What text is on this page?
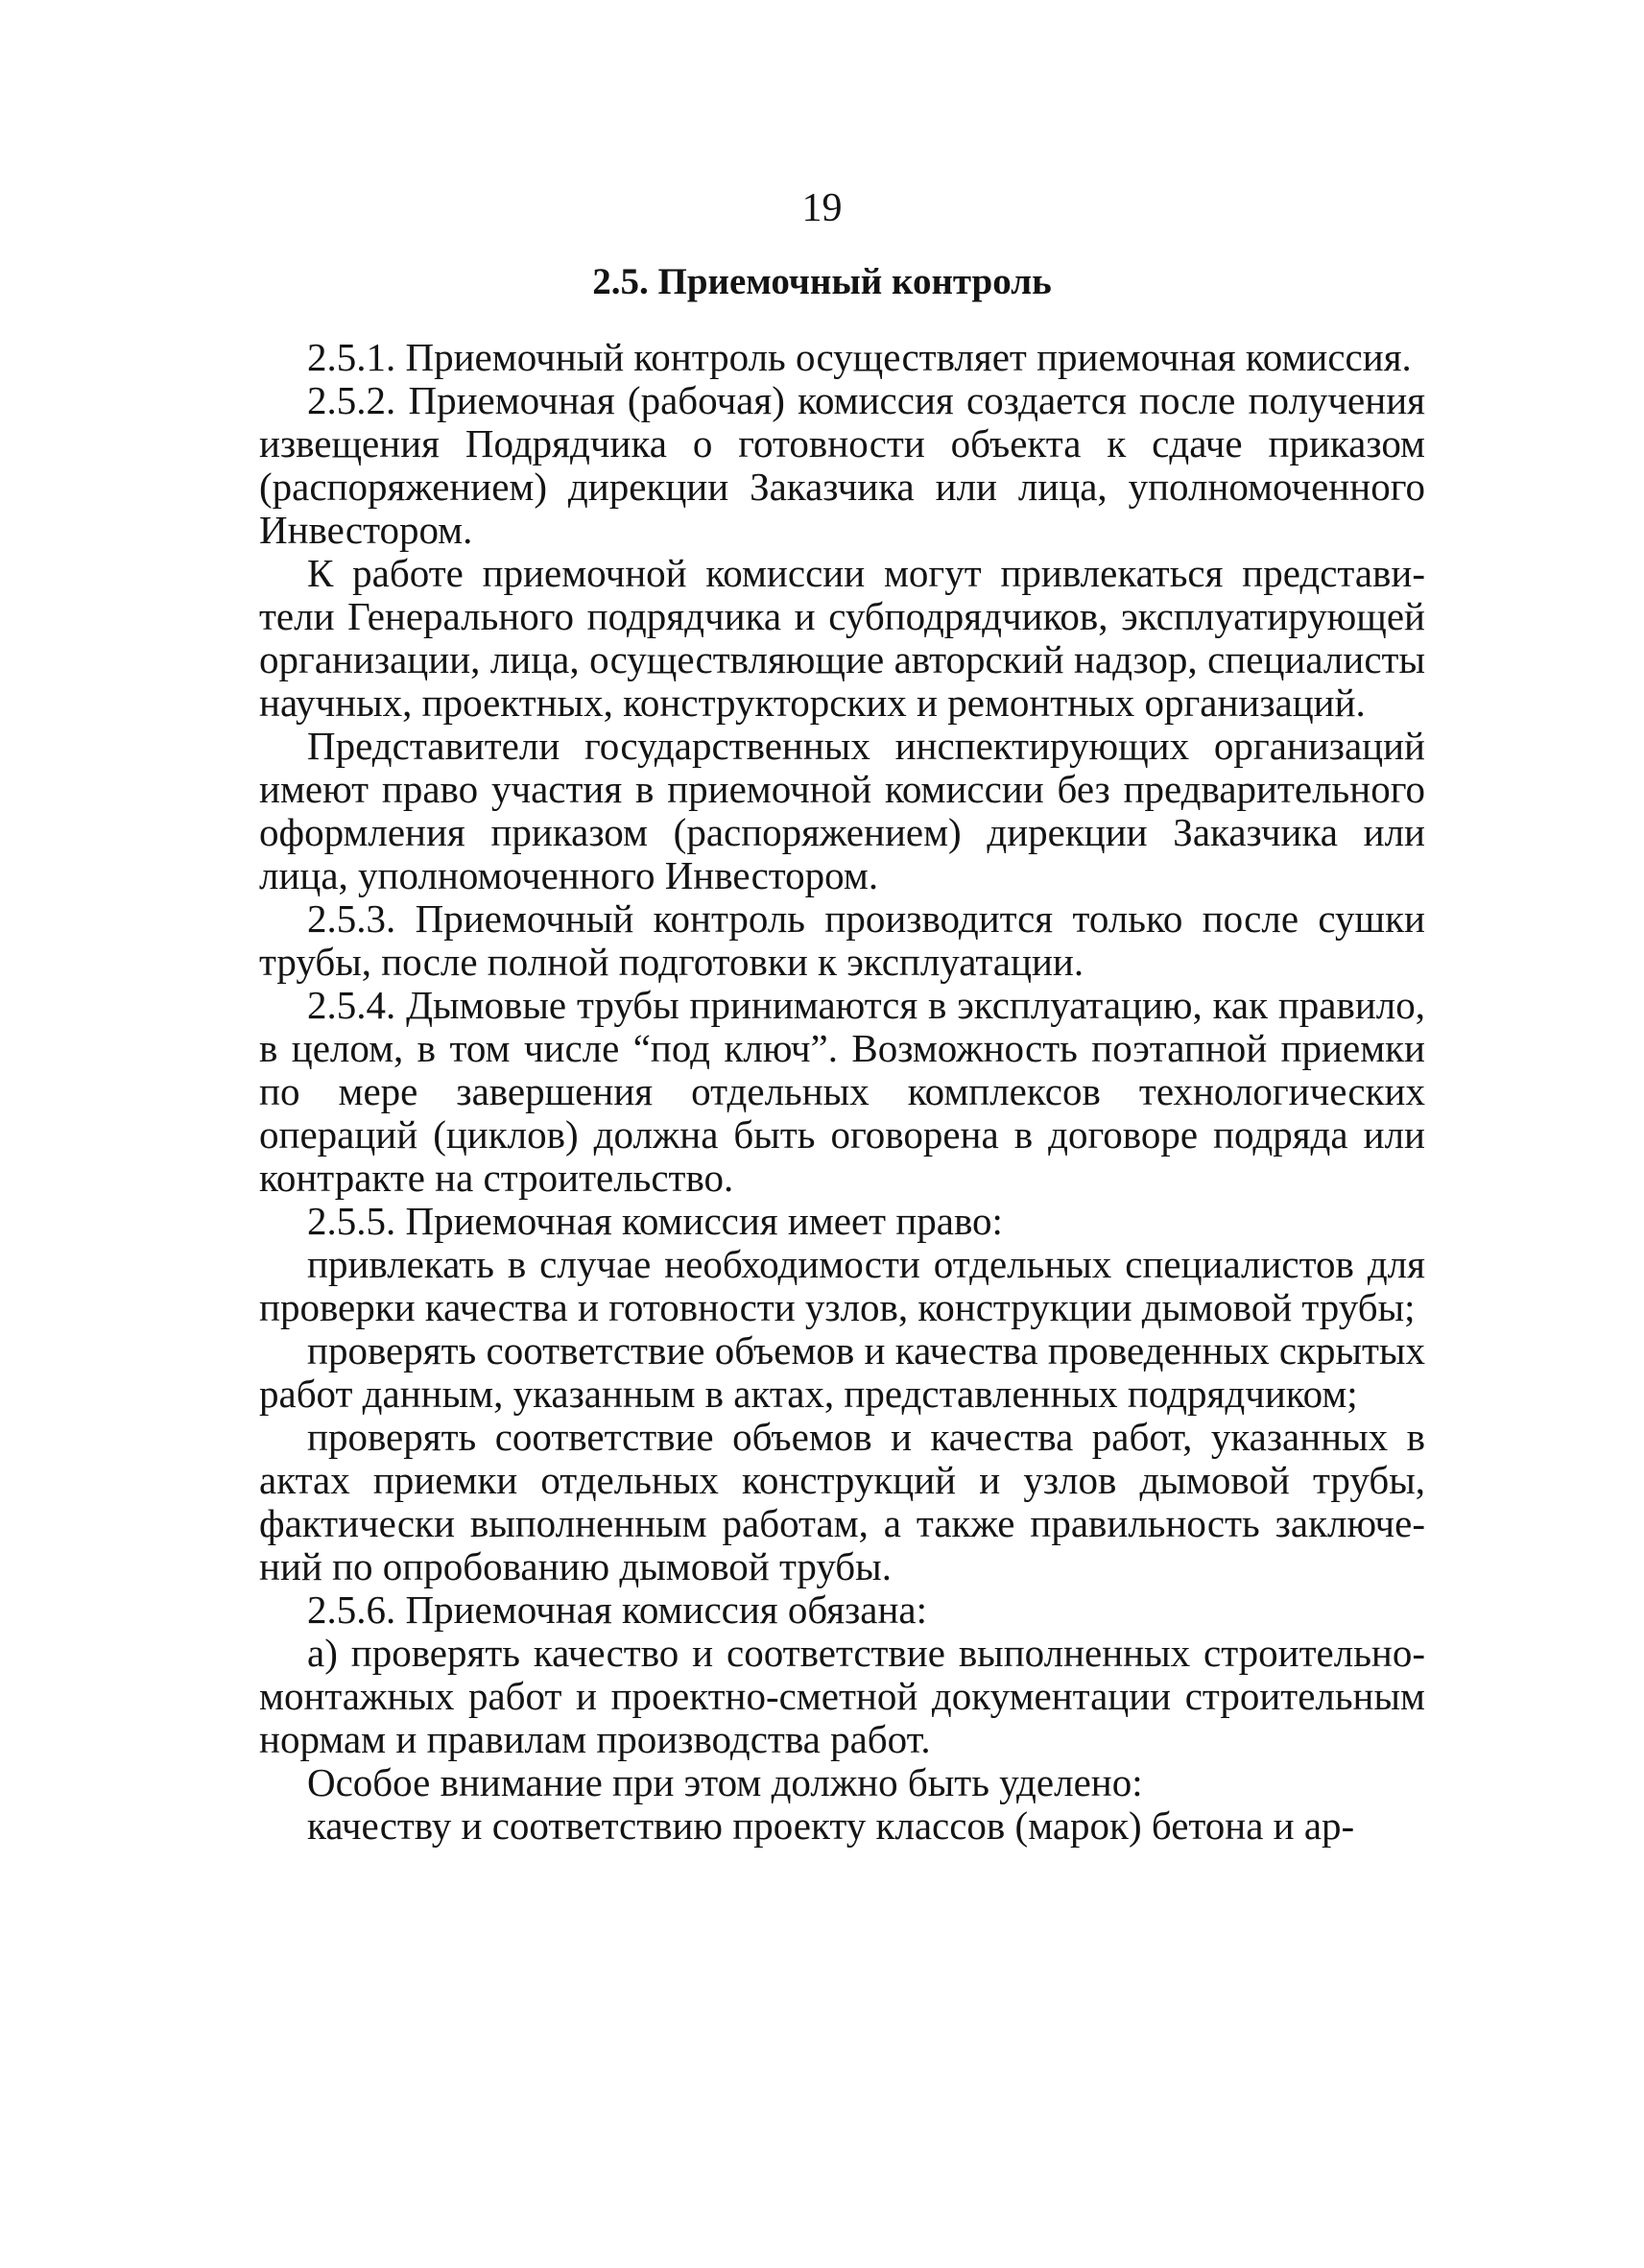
19
2.5. Приемочный контроль

2.5.1. Приемочный контроль осуществляет приемочная комиссия.

2.5.2. Приемочная (рабочая) комиссия создается после получения извещения Подрядчика о готовности объекта к сдаче приказом (распоряжением) дирекции Заказчика или лица, уполномоченного Инвестором.

К работе приемочной комиссии могут привлекаться представители Генерального подрядчика и субподрядчиков, эксплуатирующей организации, лица, осуществляющие авторский надзор, специалисты научных, проектных, конструкторских и ремонтных организаций.

Представители государственных инспектирующих организаций имеют право участия в приемочной комиссии без предварительного оформления приказом (распоряжением) дирекции Заказчика или лица, уполномоченного Инвестором.

2.5.3. Приемочный контроль производится только после сушки трубы, после полной подготовки к эксплуатации.

2.5.4. Дымовые трубы принимаются в эксплуатацию, как правило, в целом, в том числе “под ключ”. Возможность поэтапной приемки по мере завершения отдельных комплексов технологических операций (циклов) должна быть оговорена в договоре подряда или контракте на строительство.

2.5.5. Приемочная комиссия имеет право:

привлекать в случае необходимости отдельных специалистов для проверки качества и готовности узлов, конструкции дымовой трубы;

проверять соответствие объемов и качества проведенных скрытых работ данным, указанным в актах, представленных подрядчиком;

проверять соответствие объемов и качества работ, указанных в актах приемки отдельных конструкций и узлов дымовой трубы, фактически выполненным работам, а также правильность заключений по опробованию дымовой трубы.

2.5.6. Приемочная комиссия обязана:

а) проверять качество и соответствие выполненных строительно-монтажных работ и проектно-сметной документации строительным нормам и правилам производства работ.

Особое внимание при этом должно быть уделено:

качеству и соответствию проекту классов (марок) бетона и ар-
